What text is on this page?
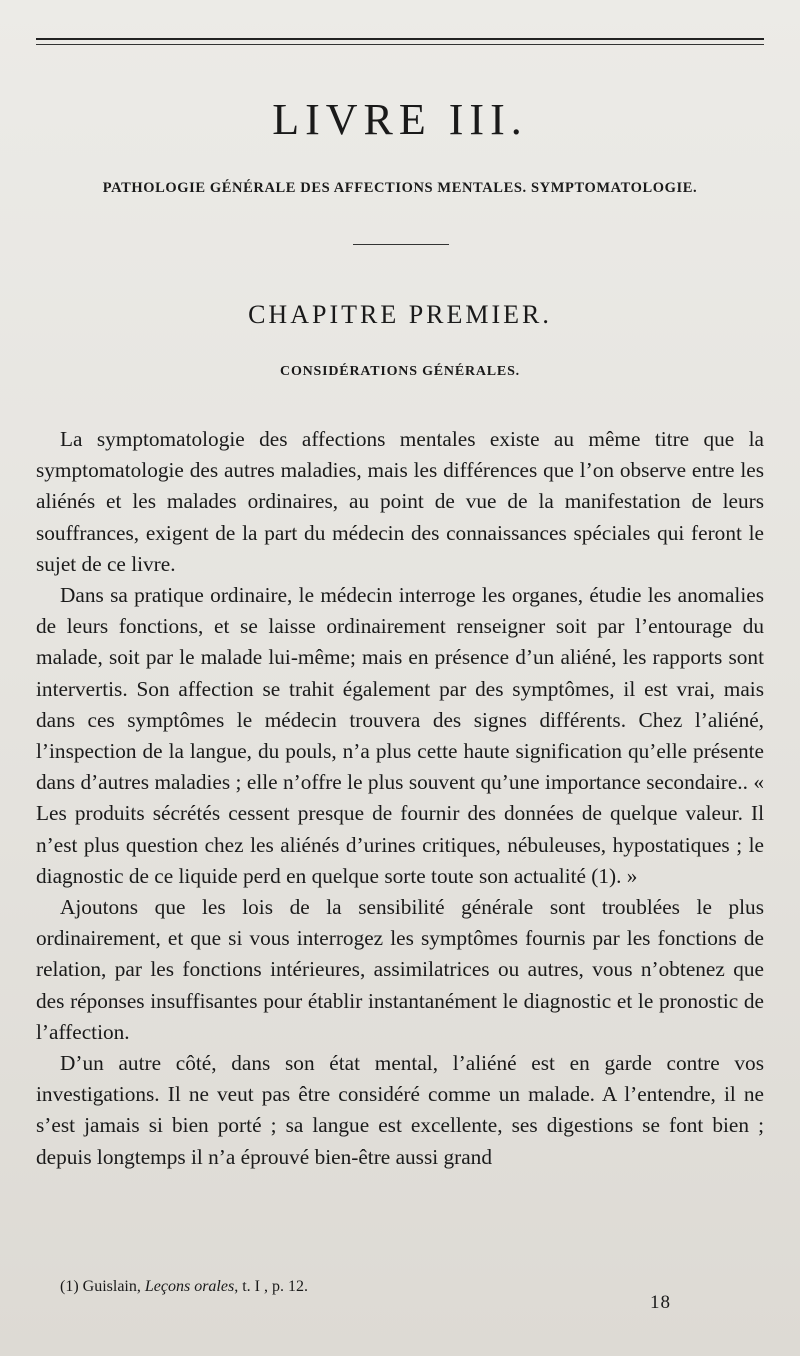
LIVRE III.
PATHOLOGIE GÉNÉRALE DES AFFECTIONS MENTALES. SYMPTOMATOLOGIE.
CHAPITRE PREMIER.
CONSIDÉRATIONS GÉNÉRALES.

La symptomatologie des affections mentales existe au même titre que la symptomatologie des autres maladies, mais les différences que l’on observe entre les aliénés et les malades ordinaires, au point de vue de la manifestation de leurs souffrances, exigent de la part du médecin des connaissances spéciales qui feront le sujet de ce livre.

Dans sa pratique ordinaire, le médecin interroge les organes, étudie les anomalies de leurs fonctions, et se laisse ordinairement renseigner soit par l’entourage du malade, soit par le malade lui-même; mais en présence d’un aliéné, les rapports sont intervertis. Son affection se trahit également par des symptômes, il est vrai, mais dans ces symptômes le médecin trouvera des signes différents. Chez l’aliéné, l’inspection de la langue, du pouls, n’a plus cette haute signification qu’elle présente dans d’autres maladies ; elle n’offre le plus souvent qu’une importance secondaire.. « Les produits sécrétés cessent presque de fournir des données de quelque valeur. Il n’est plus question chez les aliénés d’urines critiques, nébuleuses, hypostatiques ; le diagnostic de ce liquide perd en quelque sorte toute son actualité (1). »

Ajoutons que les lois de la sensibilité générale sont troublées le plus ordinairement, et que si vous interrogez les symptômes fournis par les fonctions de relation, par les fonctions intérieures, assimilatrices ou autres, vous n’obtenez que des réponses insuffisantes pour établir instantanément le diagnostic et le pronostic de l’affection.

D’un autre côté, dans son état mental, l’aliéné est en garde contre vos investigations. Il ne veut pas être considéré comme un malade. A l’entendre, il ne s’est jamais si bien porté ; sa langue est excellente, ses digestions se font bien ; depuis longtemps il n’a éprouvé bien-être aussi grand

(1) Guislain, Leçons orales, t. I , p. 12.
18
